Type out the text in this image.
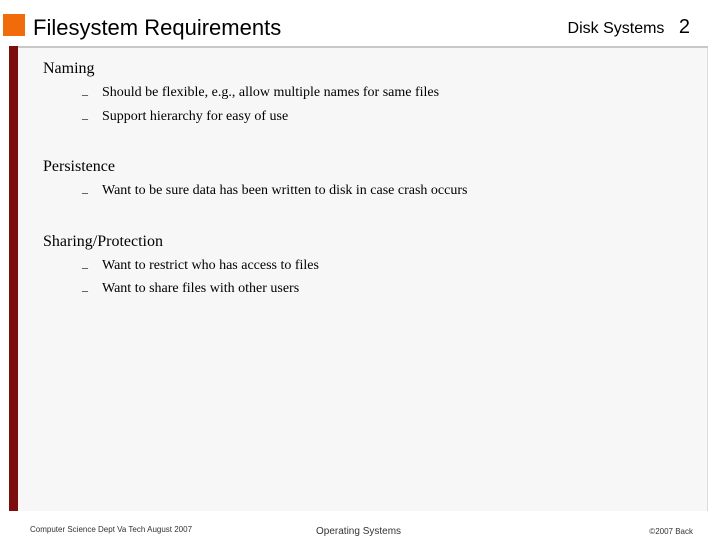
Filesystem Requirements	Disk Systems 2
Naming
– Should be flexible, e.g., allow multiple names for same files
– Support hierarchy for easy of use
Persistence
– Want to be sure data has been written to disk in case crash occurs
Sharing/Protection
– Want to restrict who has access to files
– Want to share files with other users
Computer Science Dept Va Tech August 2007	Operating Systems	©2007 Back
